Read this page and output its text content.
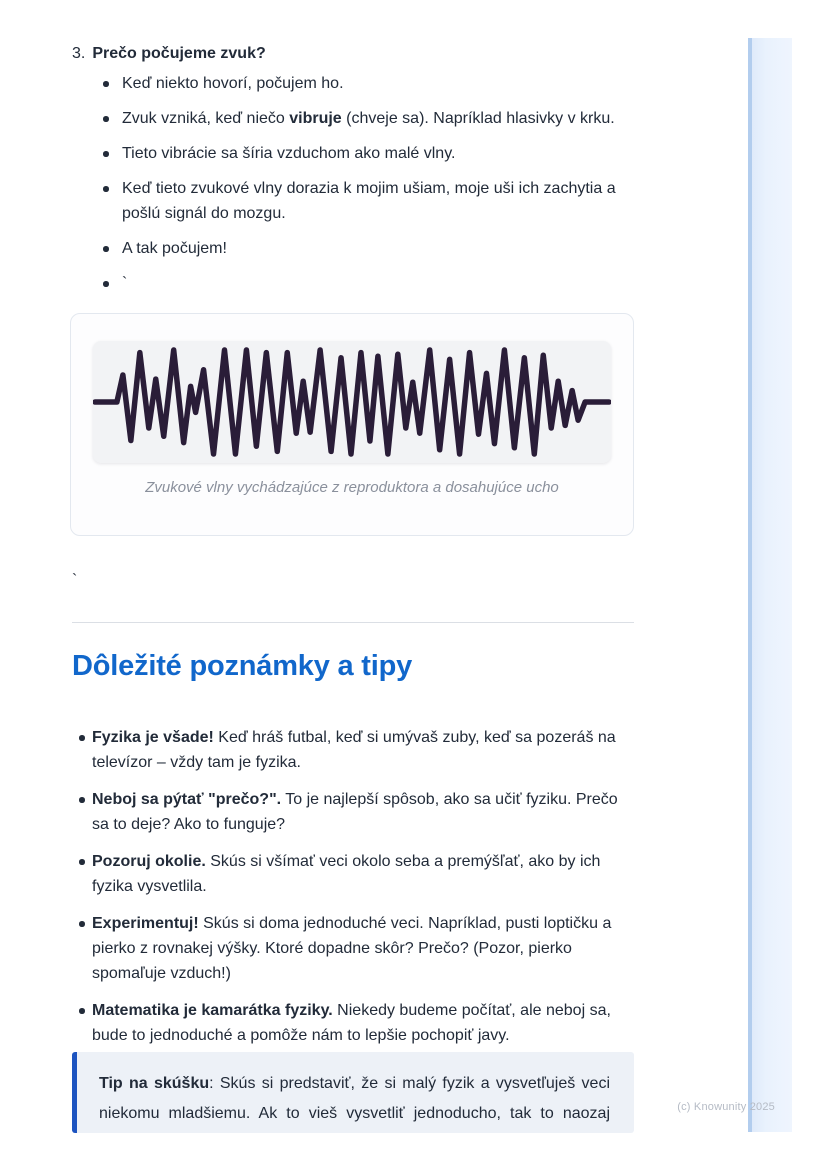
3. Prečo počujeme zvuk?
Keď niekto hovorí, počujem ho.
Zvuk vzniká, keď niečo vibruje (chveje sa). Napríklad hlasivky v krku.
Tieto vibrácie sa šíria vzduchom ako malé vlny.
Keď tieto zvukové vlny dorazia k mojim ušiam, moje uši ich zachytia a pošlú signál do mozgu.
A tak počujem!
`
Zvukové vlny vychádzajúce z reproduktora a dosahujúce ucho
`
Dôležité poznámky a tipy
Fyzika je všade! Keď hráš futbal, keď si umývaš zuby, keď sa pozeráš na televízor – vždy tam je fyzika.
Neboj sa pýtať "prečo?". To je najlepší spôsob, ako sa učiť fyziku. Prečo sa to deje? Ako to funguje?
Pozoruj okolie. Skús si všímať veci okolo seba a premýšľať, ako by ich fyzika vysvetlila.
Experimentuj! Skús si doma jednoduché veci. Napríklad, pusti loptičku a pierko z rovnakej výšky. Ktoré dopadne skôr? Prečo? (Pozor, pierko spomaľuje vzduch!)
Matematika je kamarátka fyziky. Niekedy budeme počítať, ale neboj sa, bude to jednoduché a pomôže nám to lepšie pochopiť javy.

Tip na skúšku: Skús si predstaviť, že si malý fyzik a vysvetľuješ veci niekomu mladšiemu. Ak to vieš vysvetliť jednoducho, tak to naozaj	(c) Knowunity 2025
